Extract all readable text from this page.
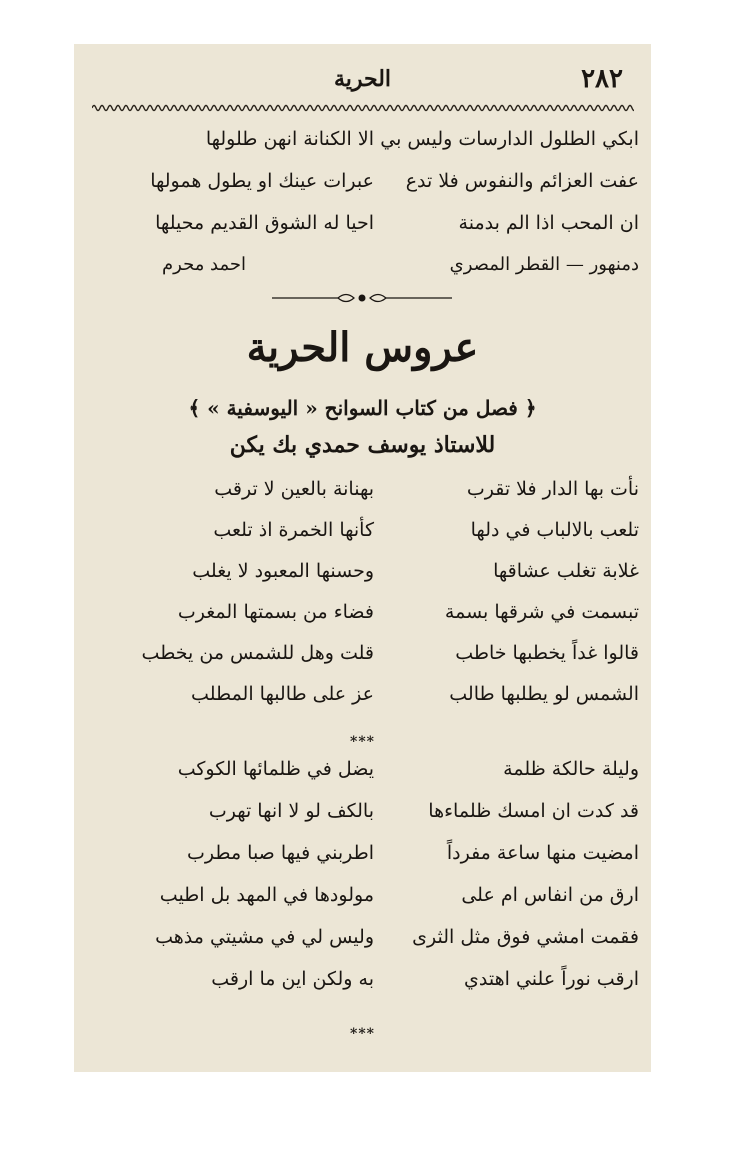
٢٨٢
الحرية
ابكي الطلول الدارسات وليس بي
الا الكنانة انهن طلولها
عفت العزائم والنفوس فلا تدع
عبرات عينك او يطول همولها
ان المحب اذا الم بدمنة
احيا له الشوق القديم محيلها
دمنهور — القطر المصري
احمد محرم
عروس الحرية
﴿ فصل من كتاب السوانح « اليوسفية » ﴾
للاستاذ يوسف حمدي بك يكن
نأت بها الدار فلا تقرب
بهنانة بالعين لا ترقب
تلعب بالالباب في دلها
كأنها الخمرة اذ تلعب
غلابة تغلب عشاقها
وحسنها المعبود لا يغلب
تبسمت في شرقها بسمة
فضاء من بسمتها المغرب
قالوا غداً يخطبها خاطب
قلت وهل للشمس من يخطب
الشمس لو يطلبها طالب
عز على طالبها المطلب
***
وليلة حالكة ظلمة
يضل في ظلمائها الكوكب
قد كدت ان امسك ظلماءها
بالكف لو لا انها تهرب
امضيت منها ساعة مفرداً
اطربني فيها صبا مطرب
ارق من انفاس ام على
مولودها في المهد بل اطيب
فقمت امشي فوق مثل الثرى
وليس لي في مشيتي مذهب
ارقب نوراً علني اهتدي
به ولكن اين ما ارقب
***
